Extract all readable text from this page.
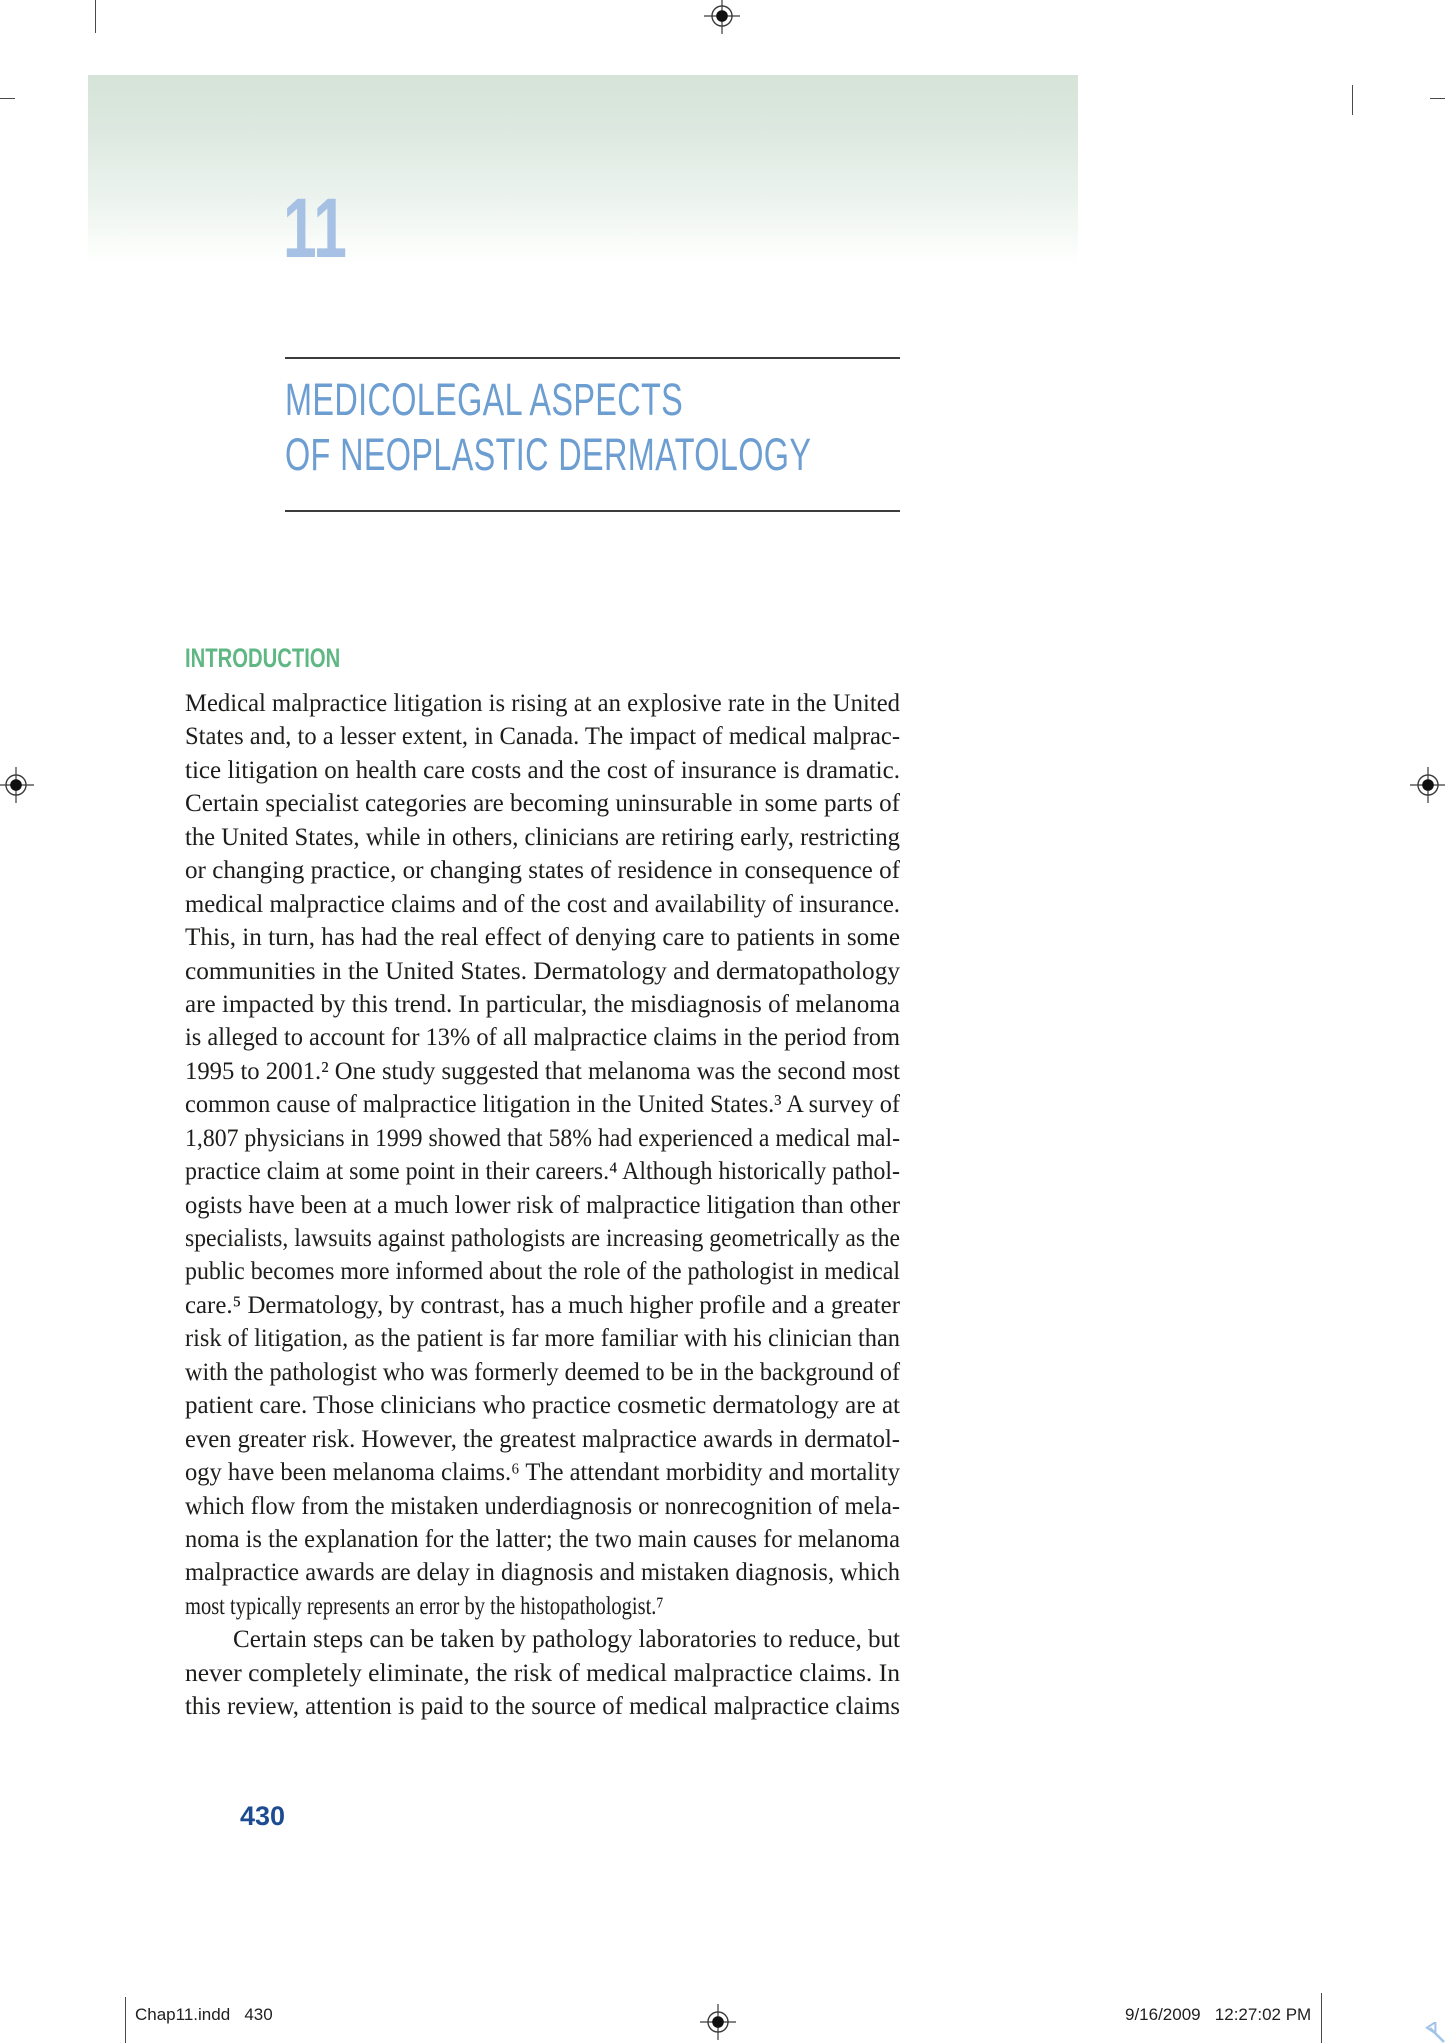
11
MEDICOLEGAL ASPECTS
OF NEOPLASTIC DERMATOLOGY
INTRODUCTION
Medical malpractice litigation is rising at an explosive rate in the United
States and, to a lesser extent, in Canada. The impact of medical malprac-
tice litigation on health care costs and the cost of insurance is dramatic.
Certain specialist categories are becoming uninsurable in some parts of
the United States, while in others, clinicians are retiring early, restricting
or changing practice, or changing states of residence in consequence of
medical malpractice claims and of the cost and availability of insurance.
This, in turn, has had the real effect of denying care to patients in some
communities in the United States. Dermatology and dermatopathology
are impacted by this trend. In particular, the misdiagnosis of melanoma
is alleged to account for 13% of all malpractice claims in the period from
1995 to 2001.² One study suggested that melanoma was the second most
common cause of malpractice litigation in the United States.³ A survey of
1,807 physicians in 1999 showed that 58% had experienced a medical mal-
practice claim at some point in their careers.⁴ Although historically pathol-
ogists have been at a much lower risk of malpractice litigation than other
specialists, lawsuits against pathologists are increasing geometrically as the
public becomes more informed about the role of the pathologist in medical
care.⁵ Dermatology, by contrast, has a much higher profile and a greater
risk of litigation, as the patient is far more familiar with his clinician than
with the pathologist who was formerly deemed to be in the background of
patient care. Those clinicians who practice cosmetic dermatology are at
even greater risk. However, the greatest malpractice awards in dermatol-
ogy have been melanoma claims.⁶ The attendant morbidity and mortality
which flow from the mistaken underdiagnosis or nonrecognition of mela-
noma is the explanation for the latter; the two main causes for melanoma
malpractice awards are delay in diagnosis and mistaken diagnosis, which
most typically represents an error by the histopathologist.⁷
Certain steps can be taken by pathology laboratories to reduce, but
never completely eliminate, the risk of medical malpractice claims. In
this review, attention is paid to the source of medical malpractice claims
430
Chap11.indd   430	9/16/2009   12:27:02 PM
